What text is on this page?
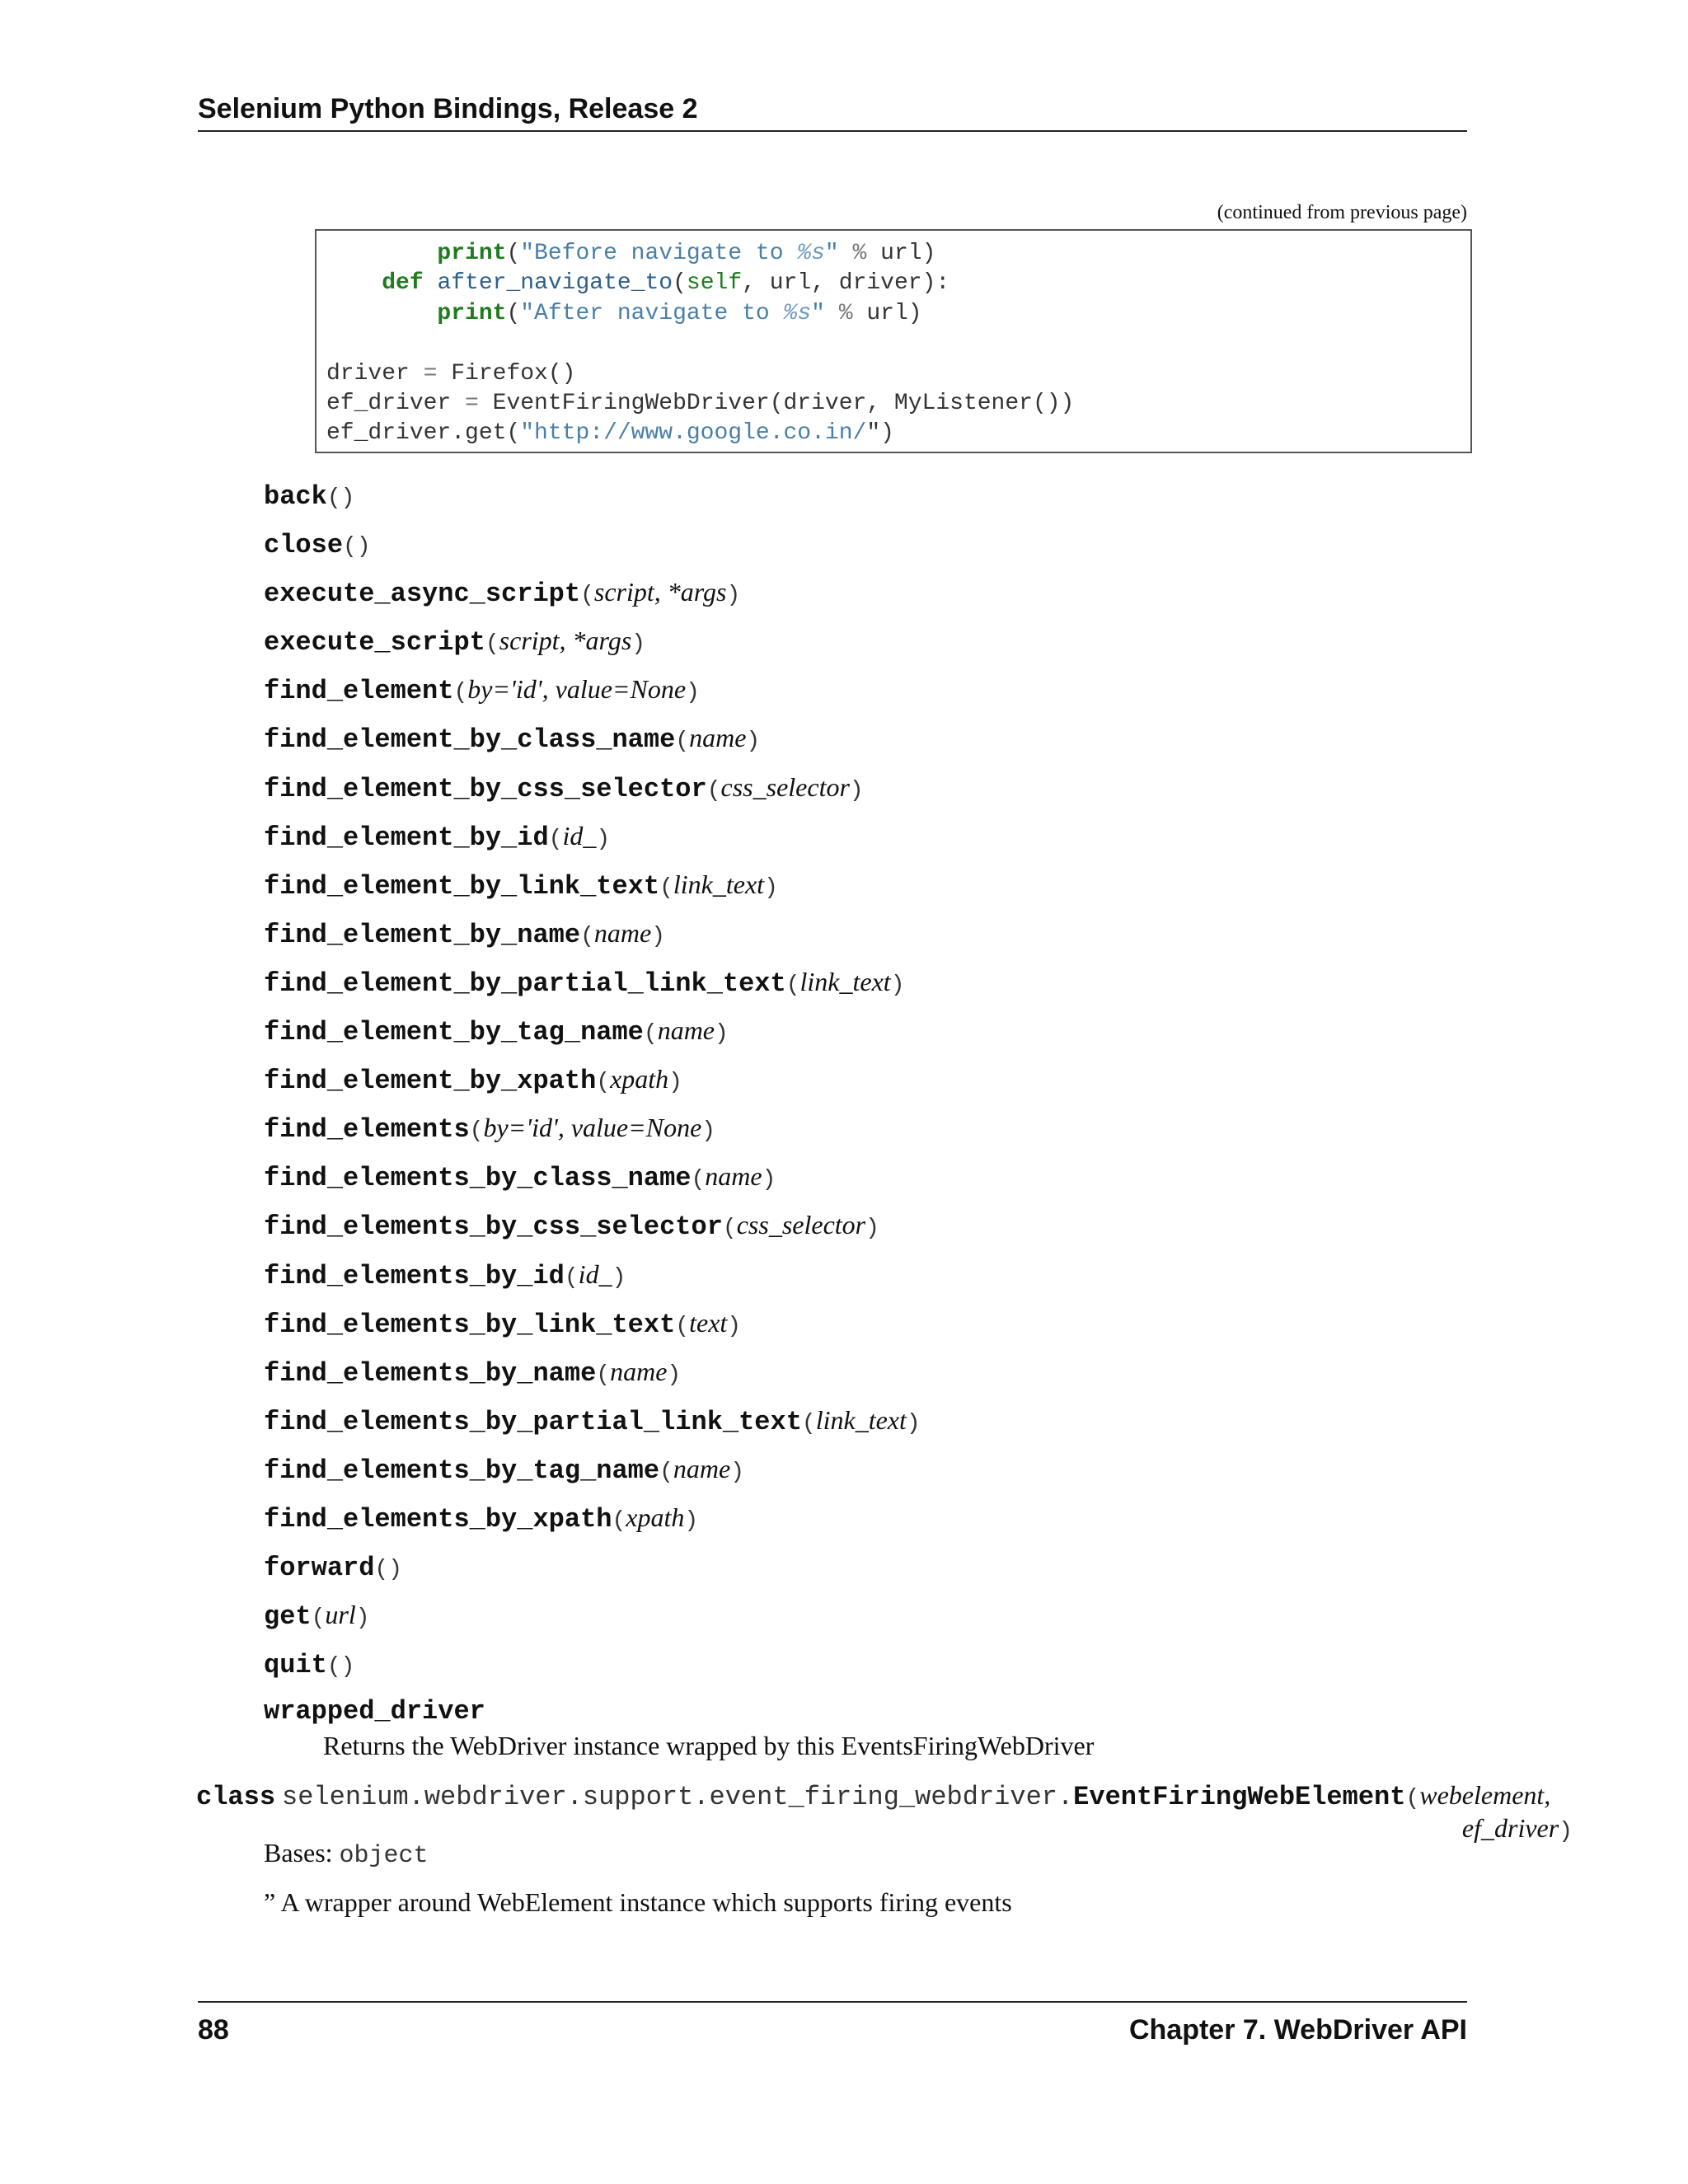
Selenium Python Bindings, Release 2
(continued from previous page)
print("Before navigate to %s" % url)
def after_navigate_to(self, url, driver):
print("After navigate to %s" % url)
driver = Firefox()
ef_driver = EventFiringWebDriver(driver, MyListener())
ef_driver.get("http://www.google.co.in/")
back()
close()
execute_async_script(script, *args)
execute_script(script, *args)
find_element(by='id', value=None)
find_element_by_class_name(name)
find_element_by_css_selector(css_selector)
find_element_by_id(id_)
find_element_by_link_text(link_text)
find_element_by_name(name)
find_element_by_partial_link_text(link_text)
find_element_by_tag_name(name)
find_element_by_xpath(xpath)
find_elements(by='id', value=None)
find_elements_by_class_name(name)
find_elements_by_css_selector(css_selector)
find_elements_by_id(id_)
find_elements_by_link_text(text)
find_elements_by_name(name)
find_elements_by_partial_link_text(link_text)
find_elements_by_tag_name(name)
find_elements_by_xpath(xpath)
forward()
get(url)
quit()
wrapped_driver
Returns the WebDriver instance wrapped by this EventsFiringWebDriver
class selenium.webdriver.support.event_firing_webdriver.EventFiringWebElement(webelement,
ef_driver)
Bases: object
” A wrapper around WebElement instance which supports firing events
88	Chapter 7. WebDriver API
